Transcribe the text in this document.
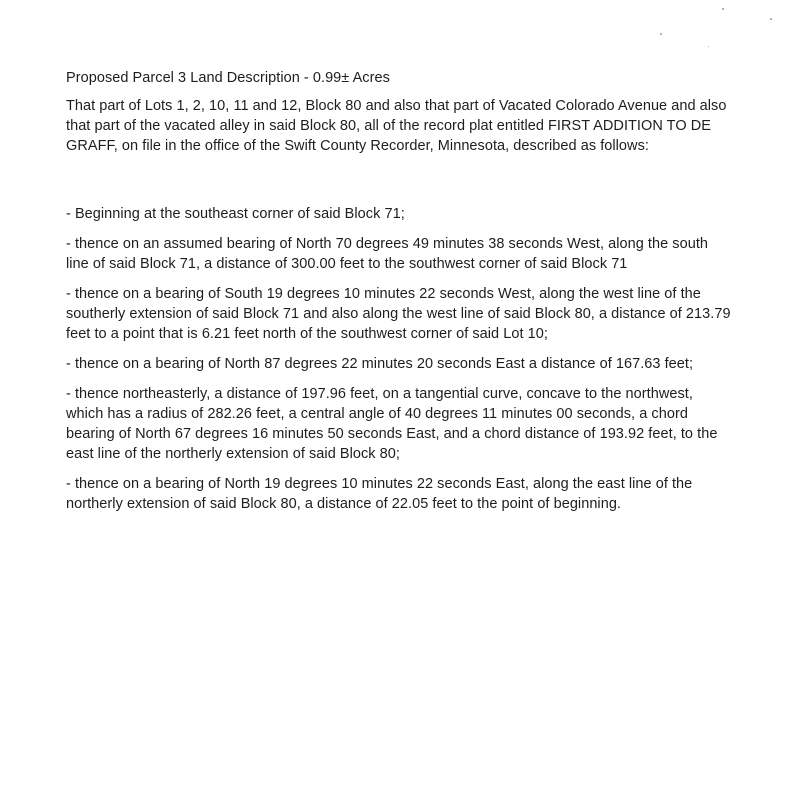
Proposed Parcel 3 Land Description - 0.99± Acres

That part of Lots 1, 2, 10, 11 and 12, Block 80 and also that part of Vacated Colorado Avenue and also that part of the vacated alley in said Block 80, all of the record plat entitled FIRST ADDITION TO DE GRAFF, on file in the office of the Swift County Recorder, Minnesota, described as follows:

- Beginning at the southeast corner of said Block 71;

- thence on an assumed bearing of North 70 degrees 49 minutes 38 seconds West, along the south line of said Block 71, a distance of 300.00 feet to the southwest corner of said Block 71

- thence on a bearing of South 19 degrees 10 minutes 22 seconds West, along the west line of the southerly extension of said Block 71 and also along the west line of said Block 80, a distance of 213.79 feet to a point that is 6.21 feet north of the southwest corner of said Lot 10;

- thence on a bearing of North 87 degrees 22 minutes 20 seconds East a distance of 167.63 feet;

- thence northeasterly, a distance of 197.96 feet, on a tangential curve, concave to the northwest, which has a radius of 282.26 feet, a central angle of 40 degrees 11 minutes 00 seconds, a chord bearing of North 67 degrees 16 minutes 50 seconds East, and a chord distance of 193.92 feet, to the east line of the northerly extension of said Block 80;

- thence on a bearing of North 19 degrees 10 minutes 22 seconds East, along the east line of the northerly extension of said Block 80, a distance of 22.05 feet to the point of beginning.
